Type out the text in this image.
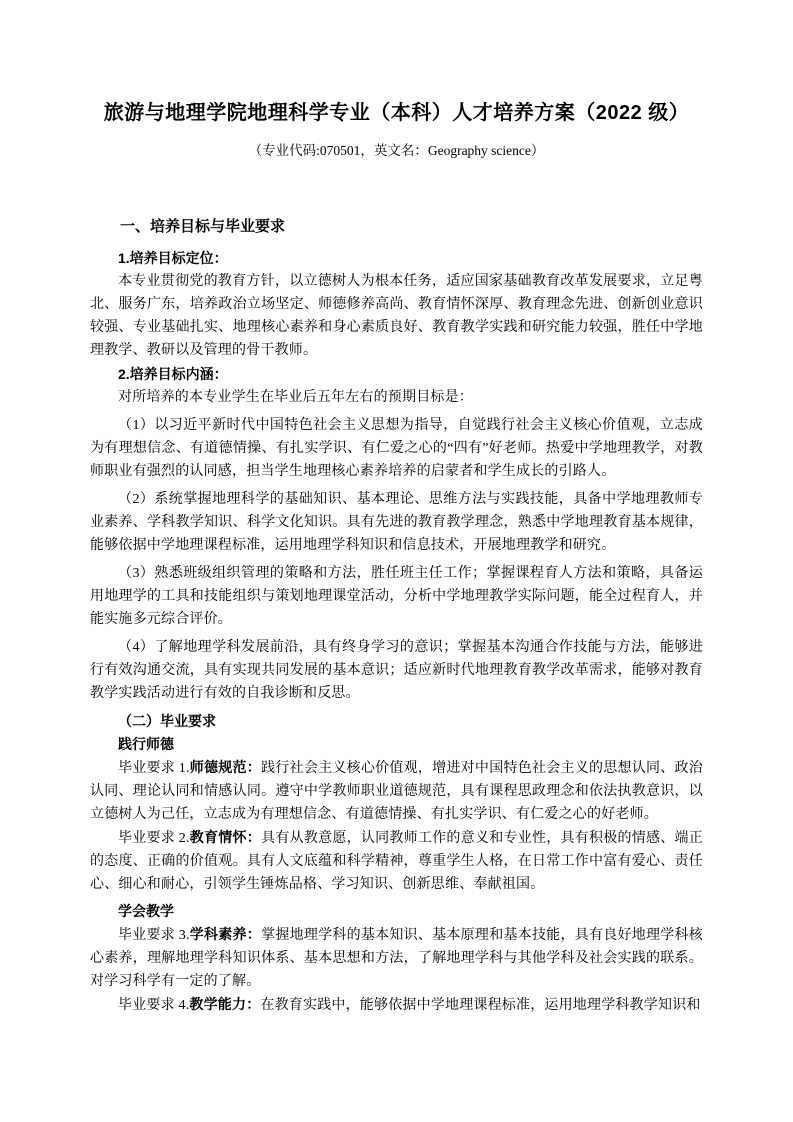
旅游与地理学院地理科学专业（本科）人才培养方案（2022 级）

（专业代码:070501，英文名：Geography science）

一、培养目标与毕业要求
1.培养目标定位：

本专业贯彻党的教育方针，以立德树人为根本任务，适应国家基础教育改革发展要求，立足粤北、服务广东，培养政治立场坚定、师德修养高尚、教育情怀深厚、教育理念先进、创新创业意识较强、专业基础扎实、地理核心素养和身心素质良好、教育教学实践和研究能力较强，胜任中学地理教学、教研以及管理的骨干教师。

2.培养目标内涵：

对所培养的本专业学生在毕业后五年左右的预期目标是：

（1）以习近平新时代中国特色社会主义思想为指导，自觉践行社会主义核心价值观，立志成为有理想信念、有道德情操、有扎实学识、有仁爱之心的“四有”好老师。热爱中学地理教学，对教师职业有强烈的认同感，担当学生地理核心素养培养的启蒙者和学生成长的引路人。

（2）系统掌握地理科学的基础知识、基本理论、思维方法与实践技能，具备中学地理教师专业素养、学科教学知识、科学文化知识。具有先进的教育教学理念，熟悉中学地理教育基本规律，能够依据中学地理课程标准，运用地理学科知识和信息技术，开展地理教学和研究。

（3）熟悉班级组织管理的策略和方法，胜任班主任工作；掌握课程育人方法和策略，具备运用地理学的工具和技能组织与策划地理课堂活动，分析中学地理教学实际问题，能全过程育人，并能实施多元综合评价。

（4）了解地理学科发展前沿，具有终身学习的意识；掌握基本沟通合作技能与方法，能够进行有效沟通交流，具有实现共同发展的基本意识；适应新时代地理教育教学改革需求，能够对教育教学实践活动进行有效的自我诊断和反思。

（二）毕业要求
践行师德

毕业要求 1.师德规范：践行社会主义核心价值观，增进对中国特色社会主义的思想认同、政治认同、理论认同和情感认同。遵守中学教师职业道德规范，具有课程思政理念和依法执教意识，以立德树人为己任，立志成为有理想信念、有道德情操、有扎实学识、有仁爱之心的好老师。

毕业要求 2.教育情怀：具有从教意愿，认同教师工作的意义和专业性，具有积极的情感、端正的态度、正确的价值观。具有人文底蕴和科学精神，尊重学生人格，在日常工作中富有爱心、责任心、细心和耐心，引领学生锤炼品格、学习知识、创新思维、奉献祖国。

学会教学

毕业要求 3.学科素养：掌握地理学科的基本知识、基本原理和基本技能，具有良好地理学科核心素养，理解地理学科知识体系、基本思想和方法，了解地理学科与其他学科及社会实践的联系。对学习科学有一定的了解。

毕业要求 4.教学能力：在教育实践中，能够依据中学地理课程标准，运用地理学科教学知识和
